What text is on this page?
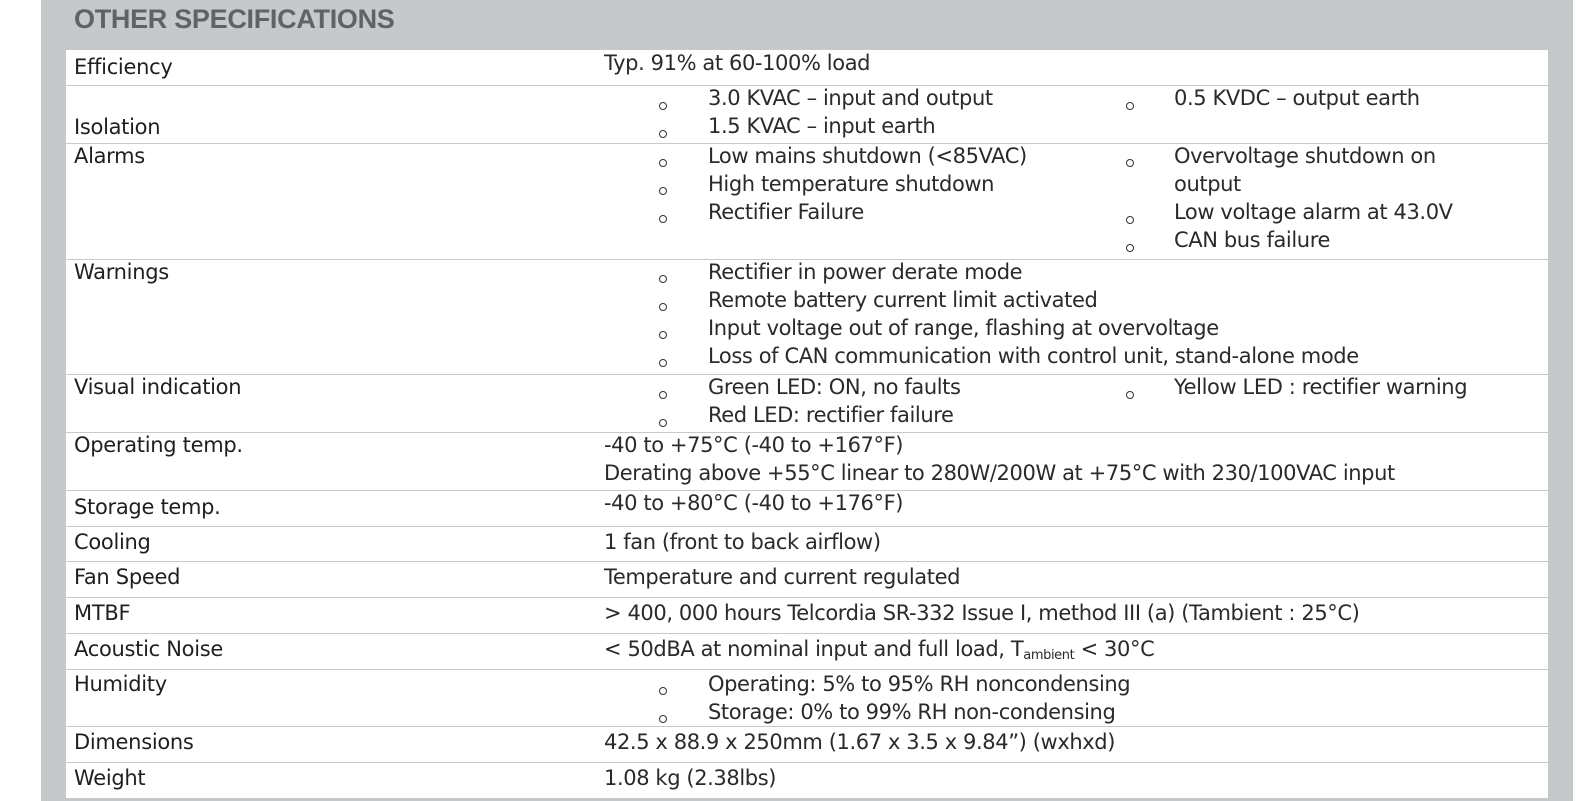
OTHER SPECIFICATIONS
Efficiency	Typ. 91% at 60-100% load
Isolation
3.0 KVAC – input and output
1.5 KVAC – input earth
0.5 KVDC – output earth
Alarms	Low mains shutdown (<85VAC)
High temperature shutdown
Rectifier Failure
Overvoltage shutdown on
output
Low voltage alarm at 43.0V
CAN bus failure
Warnings	Rectifier in power derate mode
Remote battery current limit activated
Input voltage out of range, flashing at overvoltage
Loss of CAN communication with control unit, stand-alone mode
Visual indication	Green LED: ON, no faults
Red LED: rectifier failure
Yellow LED : rectifier warning
Operating temp.	-40 to +75°C (-40 to +167°F)
Derating above +55°C linear to 280W/200W at +75°C with 230/100VAC input
Storage temp.	-40 to +80°C (-40 to +176°F)
Cooling	1 fan (front to back airflow)
Fan Speed	Temperature and current regulated
MTBF	> 400, 000 hours Telcordia SR-332 Issue I, method III (a) (Tambient : 25°C)
Acoustic Noise	< 50dBA at nominal input and full load, $T_{ambient} < 30^\circ C$
Humidity	Operating: 5% to 95% RH noncondensing
Storage: 0% to 99% RH non-condensing
Dimensions	42.5 x 88.9 x 250mm (1.67 x 3.5 x 9.84”) (wxhxd)
Weight	1.08 kg (2.38lbs)
